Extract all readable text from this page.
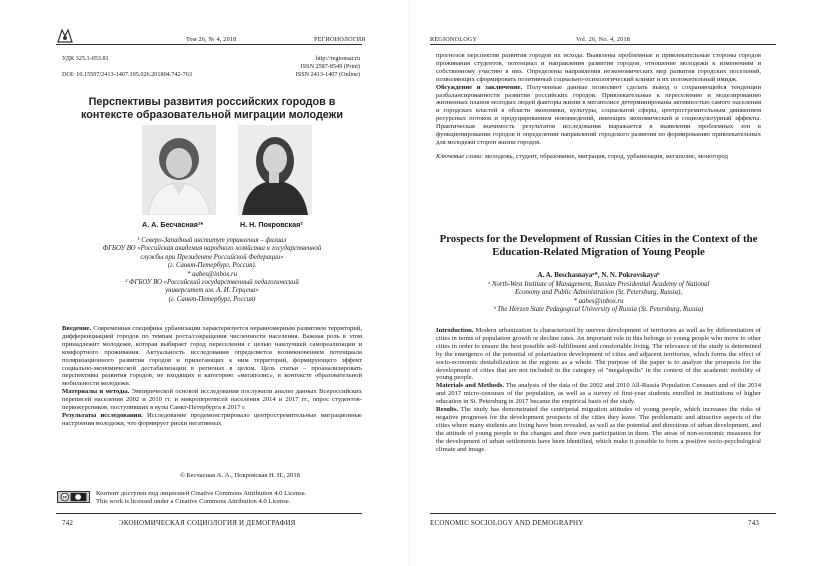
Том 26, № 4, 2018	РЕГИОНОЛОГИЯ
УДК 325.1-053.81
DOI: 10.15507/2413-1407.105.026.201804.742-763
http://regionsar.ru
ISSN 2587-8549 (Print)
ISSN 2413-1407 (Online)
Перспективы развития российских городов в контексте образовательной миграции молодежи
А. А. Бесчасная¹*	Н. Н. Покровская²
¹ Северо-Западный институт управления – филиал
ФГБОУ ВО «Российская академия народного хозяйства и государственной
службы при Президенте Российской Федерации»
(г. Санкт-Петербург, Россия).
* aabes@inbox.ru
² ФГБОУ ВО «Российский государственный педагогический
университет им. А. И. Герцена»
(г. Санкт-Петербург, Россия)

Введение. Современная специфика урбанизации характеризуется неравномерным развитием территорий, дифференциацией городов по темпам роста/сокращения численности населения. Важная роль в этом принадлежит молодежи, которая выбирает город переселения с целью наилучшей самореализации и комфортного проживания. Актуальность исследования определяется возникновением потенциала поляризационного развития городов и прилегающих к ним территорий, формирующего эффект социально-экономической дестабилизации в регионах в целом. Цель статьи – проанализировать перспективы развития городов, не входящих в категорию «мегаполис», в контексте образовательной мобильности молодежи.

Материалы и методы. Эмпирической основой исследования послужили анализ данных Всероссийских переписей населения 2002 и 2010 гг. и микропереписей населения 2014 и 2017 гг., опрос студентов-первокурсников, поступивших в вузы Санкт-Петербурга в 2017 г.

Результаты исследования. Исследование продемонстрировало центростремительные миграционные настроения молодежи, что формирует риски негативных

© Бесчасная А. А., Покровская Н. Н., 2018
cc
Контент доступен под лицензией Creative Commons Attribution 4.0 License.
This work is licensed under a Creative Commons Attribution 4.0 License.
742	ЭКОНОМИЧЕСКАЯ СОЦИОЛОГИЯ И ДЕМОГРАФИЯ
REGIONOLOGY	Vol. 26, No. 4, 2018

прогнозов перспектив развития городов их исхода. Выявлены проблемные и привлекательные стороны городов проживания студентов, потенциал и направления развития городов, отношение молодежи к изменениям и собственному участию в них. Определены направления неэкономических мер развития городских поселений, позволяющих сформировать позитивный социально-психологический климат и их положительный имидж.

Обсуждение и заключение. Полученные данные позволяют сделать вывод о сохраняющейся тенденции разбалансированности развития российских городов. Привлекательные к переселению и моделированию жизненных планов молодых людей факторы жизни в мегаполисе детерминированы активностью самого населения и городских властей в области экономики, культуры, социальной сферы, центростремительным движением ресурсных потоков и продуцированием нововведений, имеющих экономический и социокультурный эффекты. Практическая значимость результатов исследования выражается в выявлении проблемных зон в функционировании городов и определении направлений городского развития по формированию привлекательных для молодежи сторон жизни городов.

Ключевые слова: молодежь, студент, образование, миграция, город, урбанизация, мегаполис, моногород

Prospects for the Development of Russian Cities in the Context of the Education-Related Migration of Young People
A. A. Beschasnayaᵃ*, N. N. Pokrovskayaᵇ
ᵃ North-West Institute of Management, Russian Presidential Academy of National
Economy and Public Administration (St. Petersburg, Russia),
* aabes@inbox.ru
ᵇ The Herzen State Pedagogical University of Russia (St. Petersburg, Russia)

Introduction. Modern urbanization is characterized by uneven development of territories as well as by differentiation of cities in terms of population growth or decline rates. An important role in this belongs to young people who move to other cities in order to ensure the best possible self-fulfillment and comfortable living. The relevance of the study is determined by the emergence of the potential of polarization development of cities and adjacent territories, which forms the effect of socio-economic destabilization in the regions as a whole. The purpose of the paper is to analyze the prospects for the development of cities that are not included in the category of "megalopolis" in the context of the academic mobility of young people.

Materials and Methods. The analysis of the data of the 2002 and 2010 All-Russia Population Censuses and of the 2014 and 2017 micro-censuses of the population, as well as a survey of first-year students enrolled in institutions of higher education in St. Petersburg in 2017 became the empirical basis of the study.

Results. The study has demonstrated the centripetal migration attitudes of young people, which increases the risks of negative prognoses for the development prospects of the cities they leave. The problematic and attractive aspects of the cities where many students are living have been revealed, as well as the potential and directions of urban development, and the attitude of young people to the changes and their own participation in them. The areas of non-economic measures for the development of urban settlements have been identified, which make it possible to form a positive socio-psychological climate and image.

ECONOMIC SOCIOLOGY AND DEMOGRAPHY	743
